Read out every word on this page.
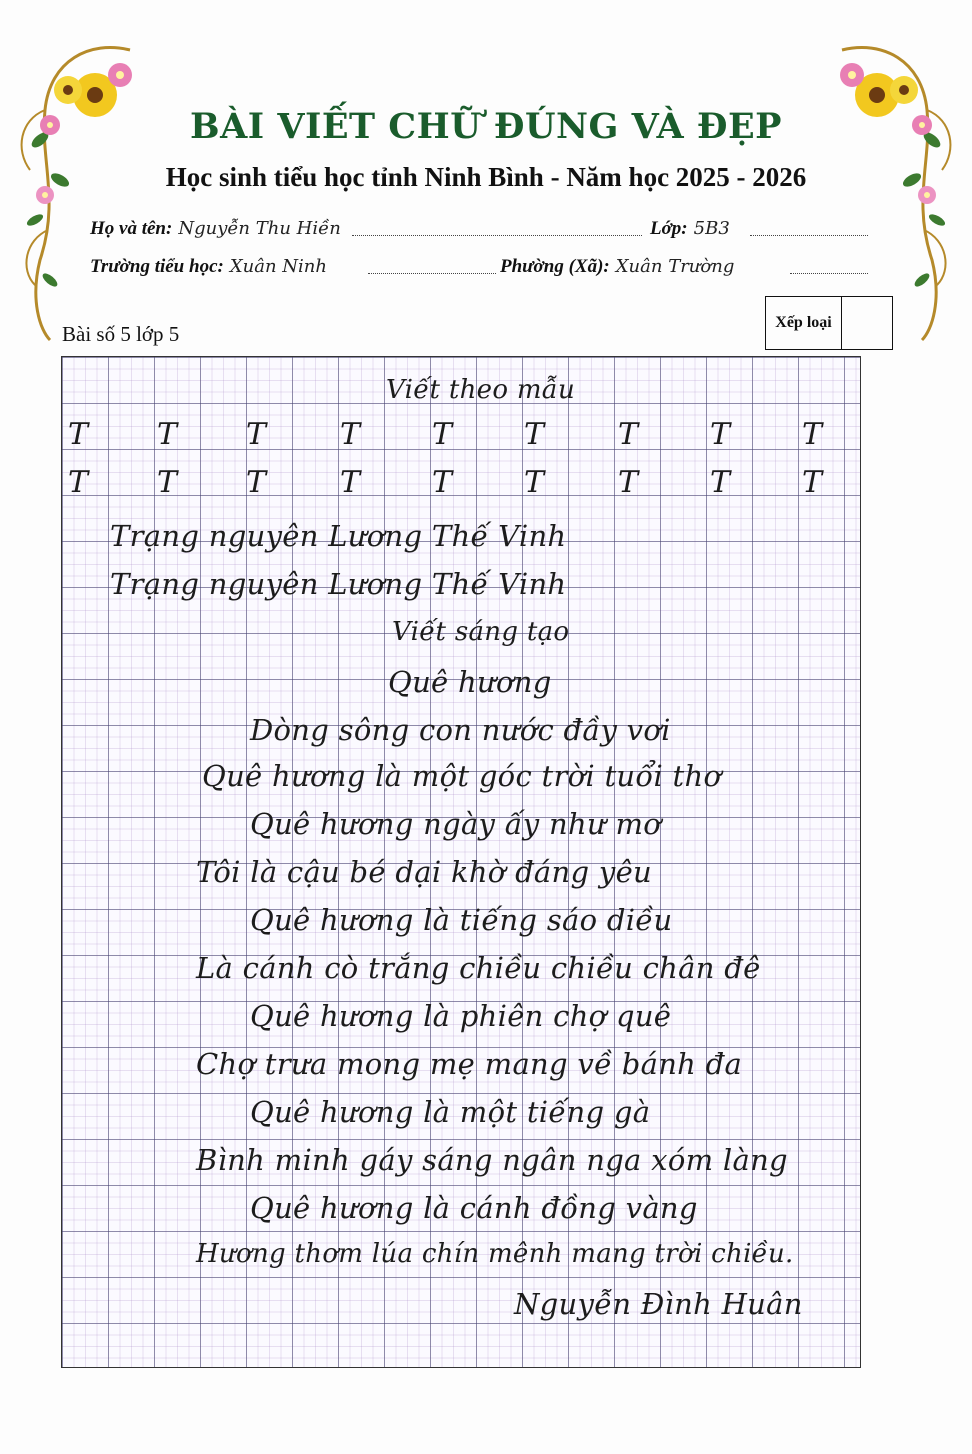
BÀI VIẾT CHỮ ĐÚNG VÀ ĐẸP
Học sinh tiểu học tỉnh Ninh Bình - Năm học 2025 - 2026
Họ và tên: Nguyễn Thu Hiền	Lớp: 5B3
Trường tiểu học: Xuân Ninh	Phường (Xã): Xuân Trường
Bài số 5 lớp 5	Xếp loại
Viết theo mẫu
T T T T T T T T T
T T T T T T T T T
Trạng nguyên Lương Thế Vinh
Trạng nguyên Lương Thế Vinh
Viết sáng tạo
Quê hương
Dòng sông con nước đầy vơi
Quê hương là một góc trời tuổi thơ
Quê hương ngày ấy như mơ
Tôi là cậu bé dại khờ đáng yêu
Quê hương là tiếng sáo diều
Là cánh cò trắng chiều chiều chân đê
Quê hương là phiên chợ quê
Chợ trưa mong mẹ mang về bánh đa
Quê hương là một tiếng gà
Bình minh gáy sáng ngân nga xóm làng
Quê hương là cánh đồng vàng
Hương thơm lúa chín mênh mang trời chiều.
Nguyễn Đình Huân
